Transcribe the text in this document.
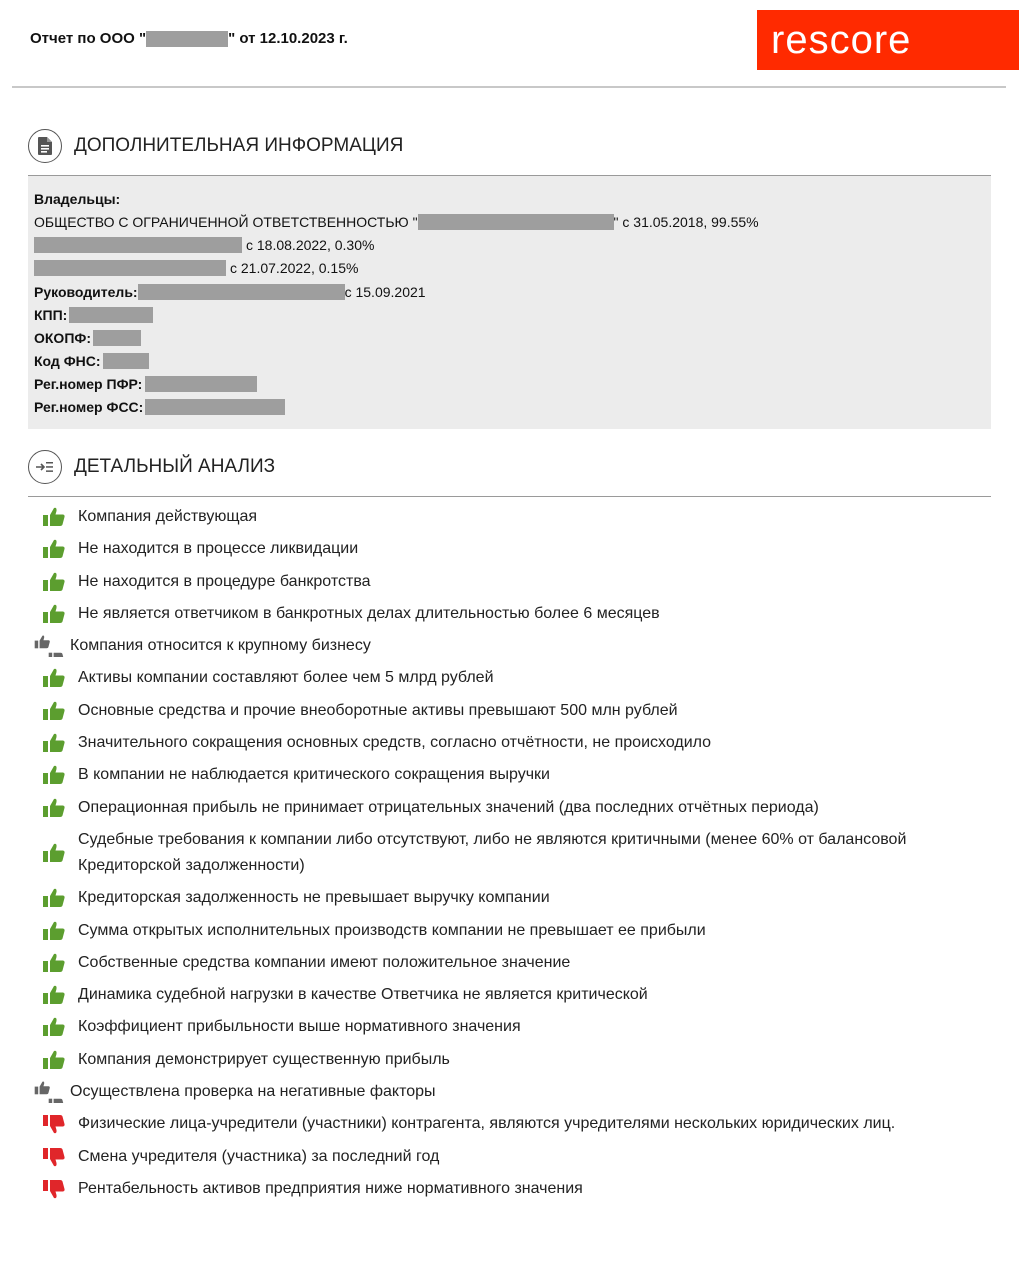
Отчет по ООО "	" от 12.10.2023 г.	rescore
ДОПОЛНИТЕЛЬНАЯ ИНФОРМАЦИЯ
Владельцы:
ОБЩЕСТВО С ОГРАНИЧЕННОЙ ОТВЕТСТВЕННОСТЬЮ "	" с 31.05.2018, 99.55%
с 18.08.2022, 0.30%
с 21.07.2022, 0.15%
Руководитель:	с 15.09.2021
КПП:
ОКОПФ:
Код ФНС:
Рег.номер ПФР:
Рег.номер ФСС:
ДЕТАЛЬНЫЙ АНАЛИЗ
Компания действующая
Не находится в процессе ликвидации
Не находится в процедуре банкротства
Не является ответчиком в банкротных делах длительностью более 6 месяцев
Компания относится к крупному бизнесу
Активы компании составляют более чем 5 млрд рублей
Основные средства и прочие внеоборотные активы превышают 500 млн рублей
Значительного сокращения основных средств, согласно отчётности, не происходило
В компании не наблюдается критического сокращения выручки
Операционная прибыль не принимает отрицательных значений (два последних отчётных периода)
Судебные требования к компании либо отсутствуют, либо не являются критичными (менее 60% от балансовой Кредиторской задолженности)
Кредиторская задолженность не превышает выручку компании
Сумма открытых исполнительных производств компании не превышает ее прибыли
Собственные средства компании имеют положительное значение
Динамика судебной нагрузки в качестве Ответчика не является критической
Коэффициент прибыльности выше нормативного значения
Компания демонстрирует существенную прибыль
Осуществлена проверка на негативные факторы
Физические лица-учредители (участники) контрагента, являются учредителями нескольких юридических лиц.
Смена учредителя (участника) за последний год
Рентабельность активов предприятия ниже нормативного значения
